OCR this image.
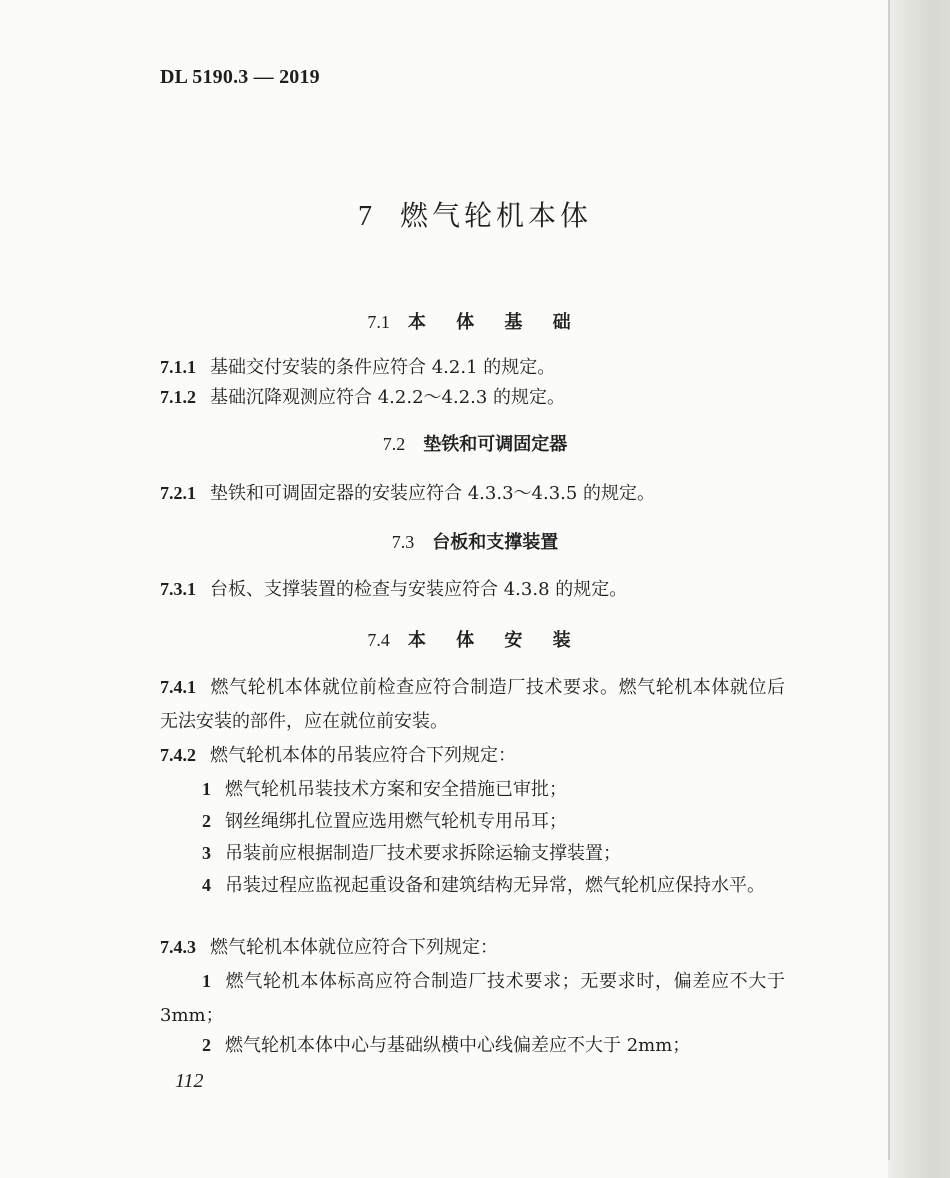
DL 5190.3 — 2019
7 燃气轮机本体
7.1 本 体 基 础
7.1.1 基础交付安装的条件应符合 4.2.1 的规定。
7.1.2 基础沉降观测应符合 4.2.2～4.2.3 的规定。
7.2 垫铁和可调固定器
7.2.1 垫铁和可调固定器的安装应符合 4.3.3～4.3.5 的规定。
7.3 台板和支撑装置
7.3.1 台板、支撑装置的检查与安装应符合 4.3.8 的规定。
7.4 本 体 安 装
7.4.1 燃气轮机本体就位前检查应符合制造厂技术要求。燃气轮机本体就位后无法安装的部件，应在就位前安装。
7.4.2 燃气轮机本体的吊装应符合下列规定：
1 燃气轮机吊装技术方案和安全措施已审批；
2 钢丝绳绑扎位置应选用燃气轮机专用吊耳；
3 吊装前应根据制造厂技术要求拆除运输支撑装置；
4 吊装过程应监视起重设备和建筑结构无异常，燃气轮机应保持水平。
7.4.3 燃气轮机本体就位应符合下列规定：
1 燃气轮机本体标高应符合制造厂技术要求；无要求时，偏差应不大于 3mm；
2 燃气轮机本体中心与基础纵横中心线偏差应不大于 2mm；
112
